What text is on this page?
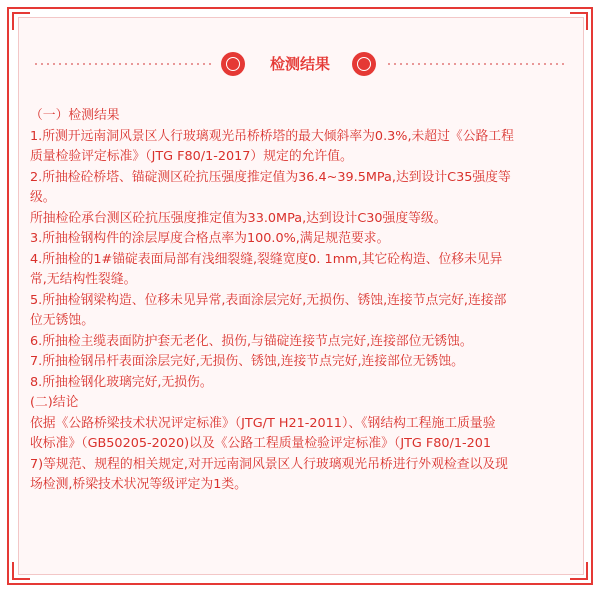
检测结果

（一）检测结果

1.所测开远南洞风景区人行玻璃观光吊桥桥塔的最大倾斜率为0.3%,未超过《公路工程

质量检验评定标准》（JTG F80/1-2017）规定的允许值。

2.所抽检砼桥塔、锚碇测区砼抗压强度推定值为36.4~39.5MPa,达到设计C35强度等

级。

所抽检砼承台测区砼抗压强度推定值为33.0MPa,达到设计C30强度等级。

3.所抽检钢构件的涂层厚度合格点率为100.0%,满足规范要求。

4.所抽检的1#锚碇表面局部有浅细裂缝,裂缝宽度0. 1mm,其它砼构造、位移未见异

常,无结构性裂缝。

5.所抽检钢梁构造、位移未见异常,表面涂层完好,无损伤、锈蚀,连接节点完好,连接部

位无锈蚀。

6.所抽检主缆表面防护套无老化、损伤,与锚碇连接节点完好,连接部位无锈蚀。

7.所抽检钢吊杆表面涂层完好,无损伤、锈蚀,连接节点完好,连接部位无锈蚀。

8.所抽检钢化玻璃完好,无损伤。

(二)结论

依据《公路桥梁技术状况评定标准》（JTG/T H21-2011）、《钢结构工程施工质量验

收标准》（GB50205-2020)以及《公路工程质量检验评定标准》（JTG F80/1-201

7)等规范、规程的相关规定,对开远南洞风景区人行玻璃观光吊桥进行外观检查以及现

场检测,桥梁技术状况等级评定为1类。
